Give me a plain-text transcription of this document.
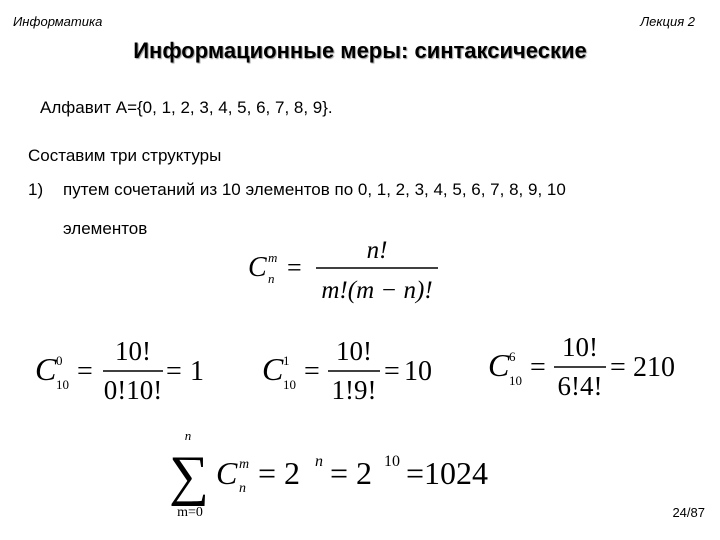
Информатика	Лекция 2
Информационные меры: синтаксические
Алфавит A={0, 1, 2, 3, 4, 5, 6, 7, 8, 9}.
Составим три структуры
1) путем сочетаний из 10 элементов по 0, 1, 2, 3, 4, 5, 6, 7, 8, 9, 10
элементов
C m
n =
n!
m!(m − n)!
C 0
10 =
10!
0!10!
= 1 C 1
10 =
10!
1!9!
= 10 C 6
10 =
10!
6!4!
= 210
n
∑
m=0
C m
n = 2 n = 2 10 =1024
24/87
